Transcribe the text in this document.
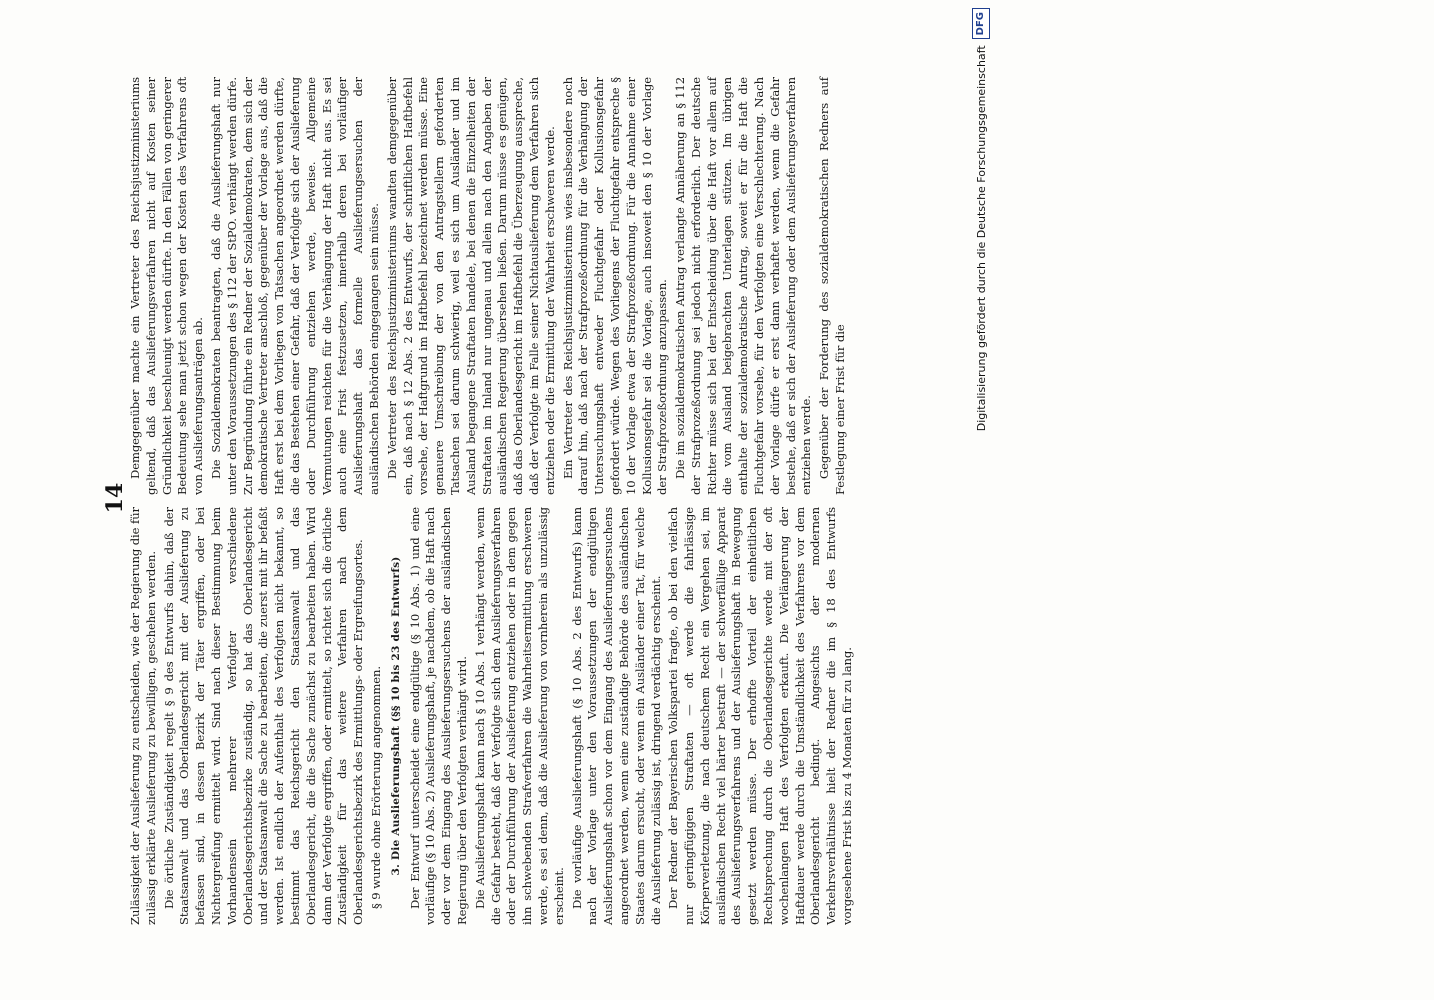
14

Zulässigkeit der Auslieferung zu entscheiden, wie der Regierung die für zulässig erklärte Auslieferung zu bewilligen, geschehen werden. Die örtliche Zuständigkeit regelt § 9 des Entwurfs dahin, daß der Staatsanwalt und das Oberlandesgericht mit der Auslieferung zu befassen sind, in dessen Bezirk der Täter ergriffen, oder bei Nichtergreifung ermittelt wird. Sind nach dieser Bestimmung beim Vorhandensein mehrerer Verfolgter verschiedene Oberlandesgerichtsbezirke zuständig, so hat das Oberlandesgericht und der Staatsanwalt die Sache zu bearbeiten, die zuerst mit ihr befaßt werden. Ist endlich der Aufenthalt des Verfolgten nicht bekannt, so bestimmt das Reichsgericht den Staatsanwalt und das Oberlandesgericht, die die Sache zunächst zu bearbeiten haben. Wird dann der Verfolgte ergriffen, oder ermittelt, so richtet sich die örtliche Zuständigkeit für das weitere Verfahren nach dem Oberlandesgerichtsbezirk des Ermittlungs- oder Ergreifungsortes. § 9 wurde ohne Erörterung angenommen. 3. Die Auslieferungshaft (§§ 10 bis 23 des Entwurfs) Der Entwurf unterscheidet eine endgültige (§ 10 Abs. 1) und eine vorläufige (§ 10 Abs. 2) Auslieferungshaft, je nachdem, ob die Haft nach oder vor dem Eingang des Auslieferungsersuchens der ausländischen Regierung über den Verfolgten verhängt wird. Die Auslieferungshaft kann nach § 10 Abs. 1 verhängt werden, wenn die Gefahr besteht, daß der Verfolgte sich dem Auslieferungsverfahren oder der Durchführung der Auslieferung entziehen oder in dem gegen ihn schwebenden Strafverfahren die Wahrheitsermittlung erschweren werde, es sei denn, daß die Auslieferung von vornherein als unzulässig erscheint. Die vorläufige Auslieferungshaft (§ 10 Abs. 2 des Entwurfs) kann nach der Vorlage unter den Voraussetzungen der endgültigen Auslieferungshaft schon vor dem Eingang des Auslieferungsersuchens angeordnet werden, wenn eine zuständige Behörde des ausländischen Staates darum ersucht, oder wenn ein Ausländer einer Tat, für welche die Auslieferung zulässig ist, dringend verdächtig erscheint. Der Redner der Bayerischen Volkspartei fragte, ob bei den vielfach nur geringfügigen Straftaten — oft werde die fahrlässige Körperverletzung, die nach deutschem Recht ein Vergehen sei, im ausländischen Recht viel härter bestraft — der schwerfällige Apparat des Auslieferungsverfahrens und der Auslieferungshaft in Bewegung gesetzt werden müsse. Der erhoffte Vorteil der einheitlichen Rechtsprechung durch die Oberlandesgerichte werde mit der oft wochenlangen Haft des Verfolgten erkauft. Die Verlängerung der Haftdauer werde durch die Umständlichkeit des Verfahrens vor dem Oberlandesgericht bedingt. Angesichts der modernen Verkehrsverhältnisse hielt der Redner die im § 18 des Entwurfs vorgesehene Frist bis zu 4 Monaten für zu lang.

Demgegenüber machte ein Vertreter des Reichsjustizministeriums geltend, daß das Auslieferungsverfahren nicht auf Kosten seiner Gründlichkeit beschleunigt werden dürfte. In den Fällen von geringerer Bedeutung sehe man jetzt schon wegen der Kosten des Verfahrens oft von Auslieferungsanträgen ab. Die Sozialdemokraten beantragten, daß die Auslieferungshaft nur unter den Voraussetzungen des § 112 der StPO. verhängt werden dürfe. Zur Begründung führte ein Redner der Sozialdemokraten, dem sich der demokratische Vertreter anschloß, gegenüber der Vorlage aus, daß die Haft erst bei dem Vorliegen von Tatsachen angeordnet werden dürfte, die das Bestehen einer Gefahr, daß der Verfolgte sich der Auslieferung oder Durchführung entziehen werde, beweise. Allgemeine Vermutungen reichten für die Verhängung der Haft nicht aus. Es sei auch eine Frist festzusetzen, innerhalb deren bei vorläufiger Auslieferungshaft das formelle Auslieferungsersuchen der ausländischen Behörden eingegangen sein müsse. Die Vertreter des Reichsjustizministeriums wandten demgegenüber ein, daß nach § 12 Abs. 2 des Entwurfs, der schriftlichen Haftbefehl vorsehe, der Haftgrund im Haftbefehl bezeichnet werden müsse. Eine genauere Umschreibung der von den Antragstellern geforderten Tatsachen sei darum schwierig, weil es sich um Ausländer und im Ausland begangene Straftaten handele, bei denen die Einzelheiten der Straftaten im Inland nur ungenau und allein nach den Angaben der ausländischen Regierung übersehen ließen. Darum müsse es genügen, daß das Oberlandesgericht im Haftbefehl die Überzeugung ausspreche, daß der Verfolgte im Falle seiner Nichtauslieferung dem Verfahren sich entziehen oder die Ermittlung der Wahrheit erschweren werde. Ein Vertreter des Reichsjustizministeriums wies insbesondere noch darauf hin, daß nach der Strafprozeßordnung für die Verhängung der Untersuchungshaft entweder Fluchtgefahr oder Kollusionsgefahr gefordert würde. Wegen des Vorliegens der Fluchtgefahr entspreche § 10 der Vorlage etwa der Strafprozeßordnung. Für die Annahme einer Kollusionsgefahr sei die Vorlage, auch insoweit den § 10 der Vorlage der Strafprozeßordnung anzupassen. Die im sozialdemokratischen Antrag verlangte Annäherung an § 112 der Strafprozeßordnung sei jedoch nicht erforderlich. Der deutsche Richter müsse sich bei der Entscheidung über die Haft vor allem auf die vom Ausland beigebrachten Unterlagen stützen. Im übrigen enthalte der sozialdemokratische Antrag, soweit er für die Haft die Fluchtgefahr vorsehe, für den Verfolgten eine Verschlechterung. Nach der Vorlage dürfe er erst dann verhaftet werden, wenn die Gefahr bestehe, daß er sich der Auslieferung oder dem Auslieferungsverfahren entziehen werde. Gegenüber der Forderung des sozialdemokratischen Redners auf Festlegung einer Frist für die	Digitalisierung gefördert durch die Deutsche Forschungsgemeinschaft
DFG
